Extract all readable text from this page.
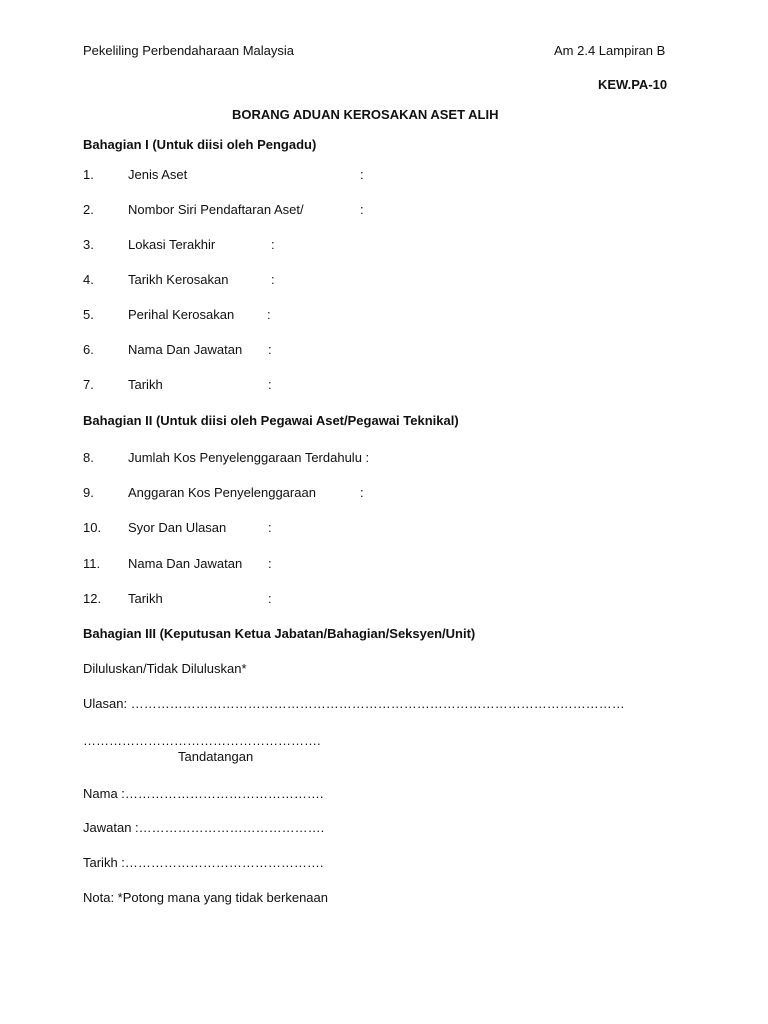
Pekeliling Perbendaharaan Malaysia	Am 2.4 Lampiran B
KEW.PA-10
BORANG ADUAN KEROSAKAN ASET ALIH
Bahagian I (Untuk diisi oleh Pengadu)
1.	Jenis Aset	:
2.	Nombor Siri Pendaftaran Aset/	:
3.	Lokasi Terakhir	:
4.	Tarikh Kerosakan	:
5.	Perihal Kerosakan	:
6.	Nama Dan Jawatan :
7.	Tarikh	:
Bahagian II (Untuk diisi oleh Pegawai Aset/Pegawai Teknikal)
8.	Jumlah Kos Penyelenggaraan Terdahulu :
9.	Anggaran Kos Penyelenggaraan	:
10. Syor Dan Ulasan	:
11. Nama Dan Jawatan :
12. Tarikh	:
Bahagian III (Keputusan Ketua Jabatan/Bahagian/Seksyen/Unit)
Diluluskan/Tidak Diluluskan*
Ulasan: ……………………………………………………………………………………………………
……………………………………………….
Tandatangan
Nama :……………………………………….
Jawatan :…………………………………….
Tarikh :……………………………………….
Nota: *Potong mana yang tidak berkenaan
